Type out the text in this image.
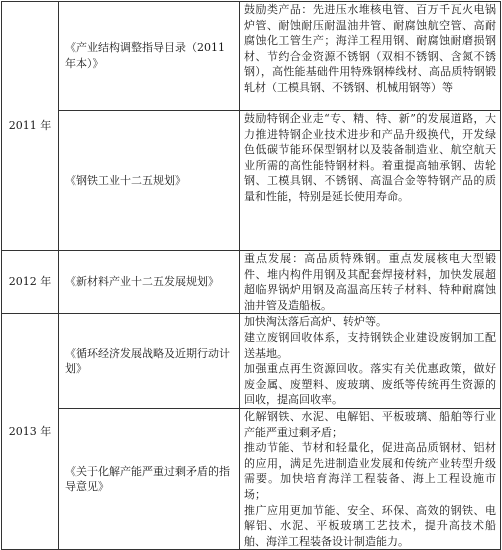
2011 年	《产业结构调整指导目录（2011 年本）》	鼓励类产品：先进压水堆核电管、百万千瓦火电锅炉管、耐蚀耐压耐温油井管、耐腐蚀航空管、高耐腐蚀化工管生产；海洋工程用钢、耐腐蚀耐磨损钢材、节约合金资源不锈钢（双相不锈钢、含氮不锈钢），高性能基础件用特殊钢棒线材、高品质特钢锻轧材（工模具钢、不锈钢、机械用钢等）等

	《钢铁工业十二五规划》	鼓励特钢企业走“专、精、特、新”的发展道路，大力推进特钢企业技术进步和产品升级换代，开发绿色低碳节能环保型钢材以及装备制造业、航空航天业所需的高性能特钢材料。着重提高轴承钢、齿轮钢、工模具钢、不锈钢、高温合金等特钢产品的质量和性能，特别是延长使用寿命。

2012 年	《新材料产业十二五发展规划》	重点发展：高品质特殊钢。重点发展核电大型锻件、堆内构件用钢及其配套焊接材料，加快发展超超临界锅炉用钢及高温高压转子材料、特种耐腐蚀油井管及造船板。

2013 年	《循环经济发展战略及近期行动计划》	加快淘汰落后高炉、转炉等。
建立废钢回收体系，支持钢铁企业建设废钢加工配送基地。
加强重点再生资源回收。落实有关优惠政策，做好废金属、废塑料、废玻璃、废纸等传统再生资源的回收，提高回收率。

	《关于化解产能严重过剩矛盾的指导意见》	化解钢铁、水泥、电解铝、平板玻璃、船舶等行业产能严重过剩矛盾；
推动节能、节材和轻量化，促进高品质钢材、铝材的应用，满足先进制造业发展和传统产业转型升级需要。加快培育海洋工程装备、海上工程设施市场；
推广应用更加节能、安全、环保、高效的钢铁、电解铝、水泥、平板玻璃工艺技术，提升高技术船舶、海洋工程装备设计制造能力。
